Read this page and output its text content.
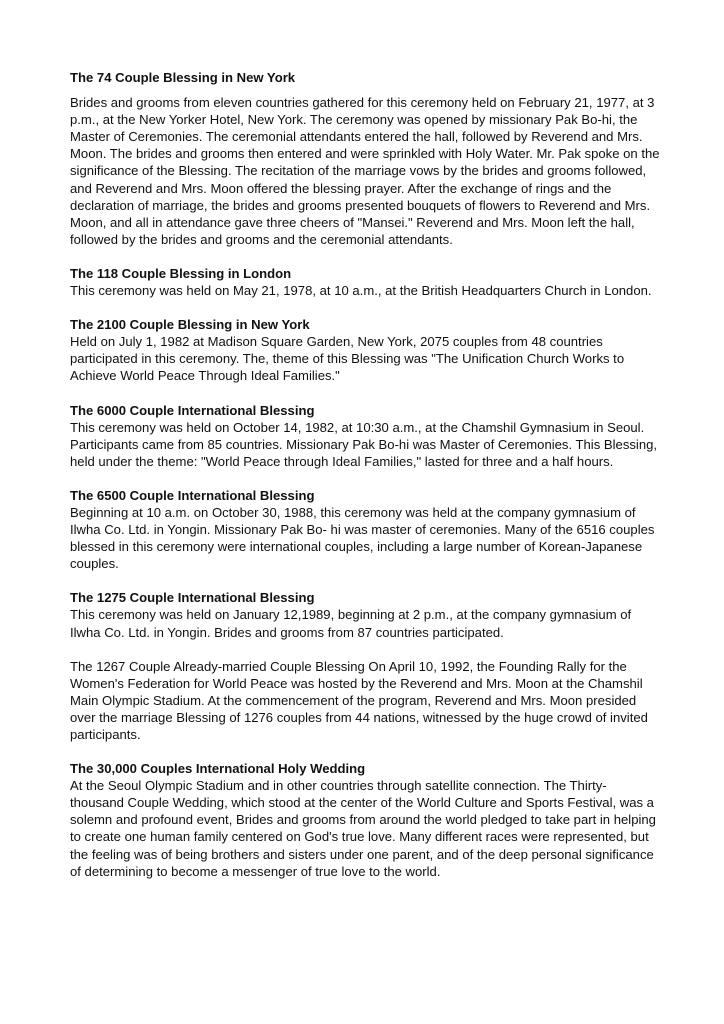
The 74 Couple Blessing in New York

Brides and grooms from eleven countries gathered for this ceremony held on February 21, 1977, at 3 p.m., at the New Yorker Hotel, New York. The ceremony was opened by missionary Pak Bo-hi, the Master of Ceremonies. The ceremonial attendants entered the hall, followed by Reverend and Mrs. Moon. The brides and grooms then entered and were sprinkled with Holy Water. Mr. Pak spoke on the significance of the Blessing. The recitation of the marriage vows by the brides and grooms followed, and Reverend and Mrs. Moon offered the blessing prayer. After the exchange of rings and the declaration of marriage, the brides and grooms presented bouquets of flowers to Reverend and Mrs. Moon, and all in attendance gave three cheers of "Mansei." Reverend and Mrs. Moon left the hall, followed by the brides and grooms and the ceremonial attendants.

The 118 Couple Blessing in London

This ceremony was held on May 21, 1978, at 10 a.m., at the British Headquarters Church in London.

The 2100 Couple Blessing in New York

Held on July 1, 1982 at Madison Square Garden, New York, 2075 couples from 48 countries participated in this ceremony. The, theme of this Blessing was "The Unification Church Works to Achieve World Peace Through Ideal Families."

The 6000 Couple International Blessing

This ceremony was held on October 14, 1982, at 10:30 a.m., at the Chamshil Gymnasium in Seoul. Participants came from 85 countries. Missionary Pak Bo-hi was Master of Ceremonies. This Blessing, held under the theme: "World Peace through Ideal Families," lasted for three and a half hours.

The 6500 Couple International Blessing

Beginning at 10 a.m. on October 30, 1988, this ceremony was held at the company gymnasium of Ilwha Co. Ltd. in Yongin. Missionary Pak Bo- hi was master of ceremonies. Many of the 6516 couples blessed in this ceremony were international couples, including a large number of Korean-Japanese couples.

The 1275 Couple International Blessing

This ceremony was held on January 12,1989, beginning at 2 p.m., at the company gymnasium of Ilwha Co. Ltd. in Yongin. Brides and grooms from 87 countries participated.

The 1267 Couple Already-married Couple Blessing On April 10, 1992, the Founding Rally for the Women's Federation for World Peace was hosted by the Reverend and Mrs. Moon at the Chamshil Main Olympic Stadium. At the commencement of the program, Reverend and Mrs. Moon presided over the marriage Blessing of 1276 couples from 44 nations, witnessed by the huge crowd of invited participants.

The 30,000 Couples International Holy Wedding

At the Seoul Olympic Stadium and in other countries through satellite connection. The Thirty-thousand Couple Wedding, which stood at the center of the World Culture and Sports Festival, was a solemn and profound event, Brides and grooms from around the world pledged to take part in helping to create one human family centered on God's true love. Many different races were represented, but the feeling was of being brothers and sisters under one parent, and of the deep personal significance of determining to become a messenger of true love to the world.
